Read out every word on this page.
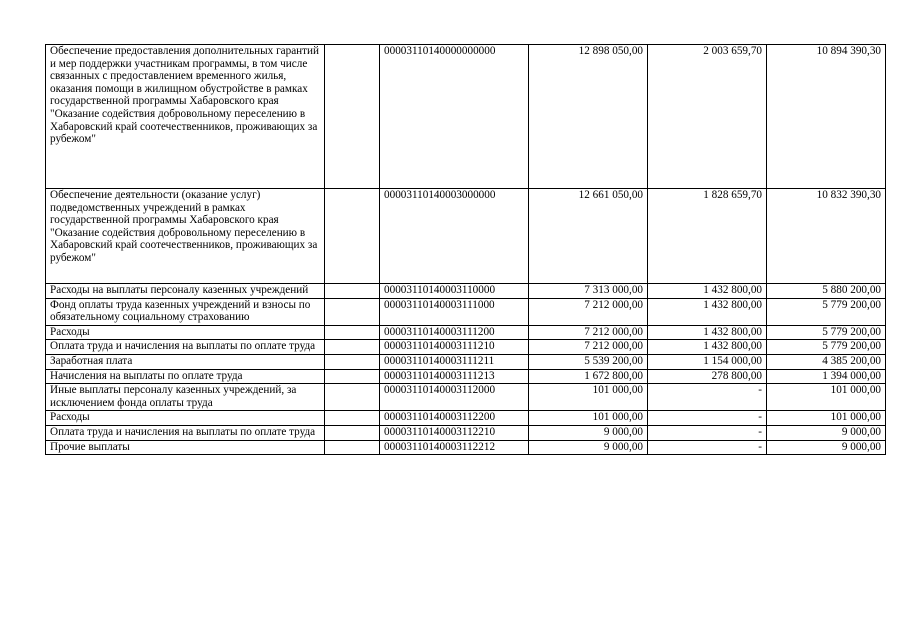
Обеспечение предоставления дополнительных гарантий и мер поддержки участникам программы, в том числе связанных с предоставлением временного жилья, оказания помощи в жилищном обустройстве в рамках государственной программы Хабаровского края "Оказание содействия добровольному переселению в Хабаровский край соотечественников, проживающих за рубежом"		00003110140000000000	12 898 050,00	2 003 659,70	10 894 390,30
Обеспечение деятельности (оказание услуг) подведомственных учреждений в рамках государственной программы Хабаровского края "Оказание содействия добровольному переселению в Хабаровский край соотечественников, проживающих за рубежом"		00003110140003000000	12 661 050,00	1 828 659,70	10 832 390,30
Расходы на выплаты персоналу казенных учреждений		00003110140003110000	7 313 000,00	1 432 800,00	5 880 200,00
Фонд оплаты труда казенных учреждений и взносы по обязательному социальному страхованию		00003110140003111000	7 212 000,00	1 432 800,00	5 779 200,00
Расходы		00003110140003111200	7 212 000,00	1 432 800,00	5 779 200,00
Оплата труда и начисления на выплаты по оплате труда		00003110140003111210	7 212 000,00	1 432 800,00	5 779 200,00
Заработная плата		00003110140003111211	5 539 200,00	1 154 000,00	4 385 200,00
Начисления на выплаты по оплате труда		00003110140003111213	1 672 800,00	278 800,00	1 394 000,00
Иные выплаты персоналу казенных учреждений, за исключением фонда оплаты труда		00003110140003112000	101 000,00	-	101 000,00
Расходы		00003110140003112200	101 000,00	-	101 000,00
Оплата труда и начисления на выплаты по оплате труда		00003110140003112210	9 000,00	-	9 000,00
Прочие выплаты		00003110140003112212	9 000,00	-	9 000,00
